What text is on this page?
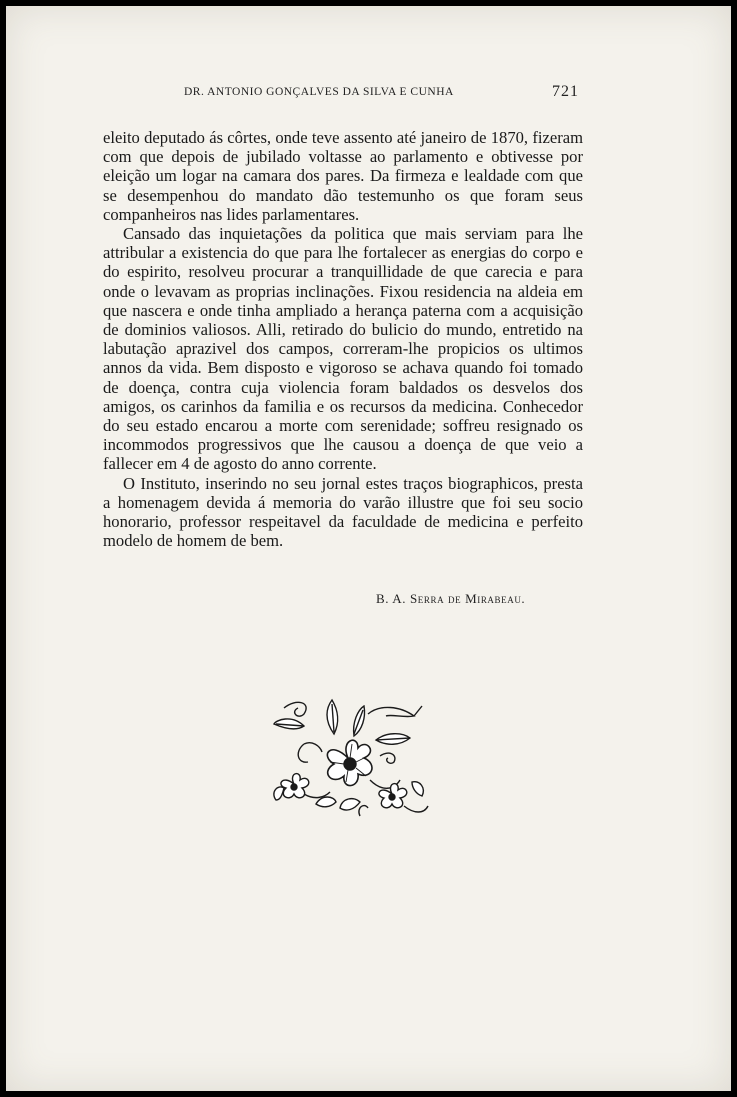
DR. ANTONIO GONÇALVES DA SILVA E CUNHA	721

eleito deputado ás côrtes, onde teve assento até janeiro de 1870, fizeram com que depois de jubilado voltasse ao parlamento e obtivesse por eleição um logar na camara dos pares. Da firmeza e lealdade com que se desempenhou do mandato dão testemunho os que foram seus companheiros nas lides parlamentares.

Cansado das inquietações da politica que mais serviam para lhe attribular a existencia do que para lhe fortalecer as energias do corpo e do espirito, resolveu procurar a tranquillidade de que carecia e para onde o levavam as proprias inclinações. Fixou residencia na aldeia em que nascera e onde tinha ampliado a herança paterna com a acquisição de dominios valiosos. Alli, retirado do bulicio do mundo, entretido na labutação aprazivel dos campos, correram-lhe propicios os ultimos annos da vida. Bem disposto e vigoroso se achava quando foi tomado de doença, contra cuja violencia foram baldados os desvelos dos amigos, os carinhos da familia e os recursos da medicina. Conhecedor do seu estado encarou a morte com serenidade; soffreu resignado os incommodos progressivos que lhe causou a doença de que veio a fallecer em 4 de agosto do anno corrente.

O Instituto, inserindo no seu jornal estes traços biographicos, presta a homenagem devida á memoria do varão illustre que foi seu socio honorario, professor respeitavel da faculdade de medicina e perfeito modelo de homem de bem.

B. A. Serra de Mirabeau.
